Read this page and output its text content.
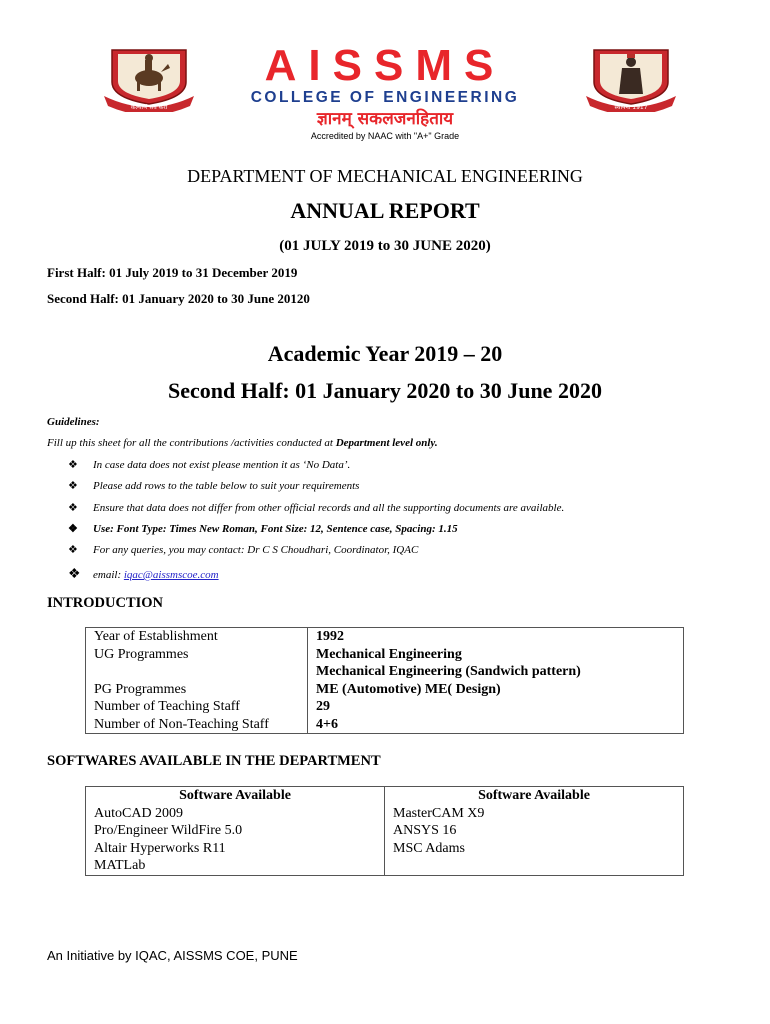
कल्याणं सर्व करी	स्थापना 1917
AISSMS
COLLEGE OF ENGINEERING
ज्ञानम् सकलजनहिताय
Accredited by NAAC with "A+" Grade
DEPARTMENT OF MECHANICAL ENGINEERING
ANNUAL REPORT
(01 JULY 2019 to 30 JUNE 2020)
First Half: 01 July 2019 to 31 December 2019
Second Half: 01 January 2020 to 30 June 20120
Academic Year 2019 – 20
Second Half: 01 January 2020 to 30 June 2020
Guidelines:
Fill up this sheet for all the contributions /activities conducted at Department level only.
❖ In case data does not exist please mention it as ‘No Data’.
❖ Please add rows to the table below to suit your requirements
❖ Ensure that data does not differ from other official records and all the supporting documents are available.
❖ Use: Font Type: Times New Roman, Font Size: 12, Sentence case, Spacing: 1.15
❖ For any queries, you may contact: Dr C S Choudhari, Coordinator, IQAC
❖ email: iqac@aissmscoe.com
INTRODUCTION
Year of Establishment	1992
UG Programmes	Mechanical Engineering
	Mechanical Engineering (Sandwich pattern)
PG Programmes	ME (Automotive) ME( Design)
Number of Teaching Staff	29
Number of Non-Teaching Staff	4+6
SOFTWARES AVAILABLE IN THE DEPARTMENT
Software Available	Software Available
AutoCAD 2009	MasterCAM X9
Pro/Engineer WildFire 5.0	ANSYS 16
Altair Hyperworks R11	MSC Adams
MATLab	
An Initiative by IQAC, AISSMS COE, PUNE
